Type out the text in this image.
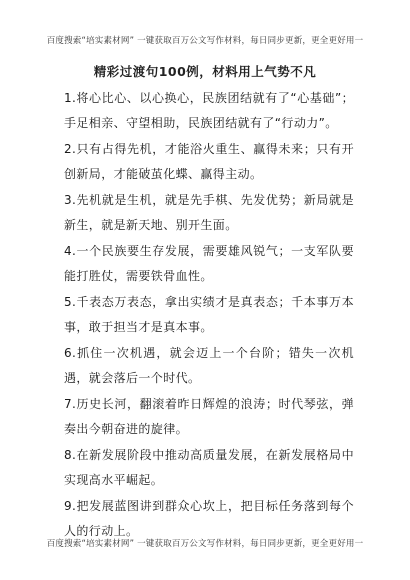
百度搜索“培实素材网” 一键获取百万公文写作材料，每日同步更新，更全更好用一
精彩过渡句100例，材料用上气势不凡
1.将心比心、以心换心，民族团结就有了“心基础”；手足相亲、守望相助，民族团结就有了“行动力”。
2.只有占得先机，才能浴火重生、赢得未来；只有开创新局，才能破茧化蝶、赢得主动。
3.先机就是生机，就是先手棋、先发优势；新局就是新生，就是新天地、别开生面。
4.一个民族要生存发展，需要雄风锐气；一支军队要能打胜仗，需要铁骨血性。
5.千表态万表态，拿出实绩才是真表态；千本事万本事，敢于担当才是真本事。
6.抓住一次机遇，就会迈上一个台阶；错失一次机遇，就会落后一个时代。
7.历史长河，翻滚着昨日辉煌的浪涛；时代琴弦，弹奏出今朝奋进的旋律。
8.在新发展阶段中推动高质量发展，在新发展格局中实现高水平崛起。
9.把发展蓝图讲到群众心坎上，把目标任务落到每个人的行动上。
百度搜索“培实素材网” 一键获取百万公文写作材料，每日同步更新，更全更好用一
